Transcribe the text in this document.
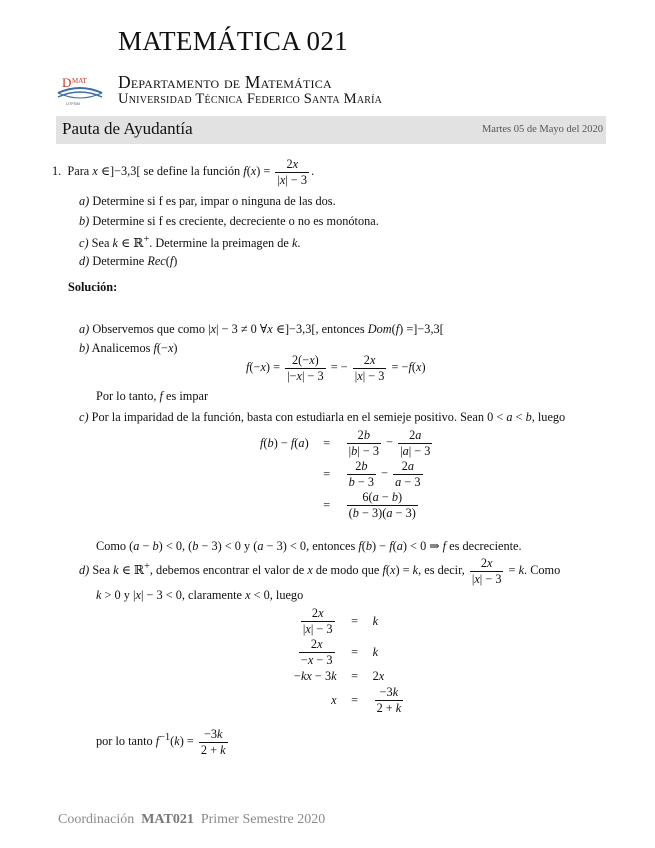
MATEMÁTICA 021
D MAT
UTFSM
Departamento de Matemática
Universidad Técnica Federico Santa María
Pauta de Ayudantía	Martes 05 de Mayo del 2020
1. Para x ∈]−3,3[ se define la función $f(x) = \frac{2x}{|x| - 3}$ .
a) Determine si f es par, impar o ninguna de las dos.
b) Determine si f es creciente, decreciente o no es monótona.
c) Sea k ∈ ℝ+. Determine la preimagen de k.
d) Determine Rec(f)
Solución:
a) Observemos que como |x| − 3 ≠ 0 ∀x ∈]−3,3[, entonces Dom(f) =]−3,3[
b) Analicemos f(−x)
$f(-x) = \frac{2(-x)}{|-x| - 3}$ = − $\frac{2x}{|x| - 3} = -f(x)$
Por lo tanto, f es impar
c) Por la imparidad de la función, basta con estudiarla en el semieje positivo. Sean 0 < a < b, luego
f(b) − f(a)	=	$\frac{2b}{|b| - 3} - \frac{2a}{|a| - 3}$

	=	$\frac{2b}{b - 3} - \frac{2a}{a - 3}$

	=	$\frac{6(a - b)}{(b - 3)(a - 3)}$
Como (a − b) < 0, (b − 3) < 0 y (a − 3) < 0, entonces f(b) − f(a) < 0 ⇒ f es decreciente.
d) Sea k ∈ ℝ+, debemos encontrar el valor de x de modo que f(x) = k, es decir, $\frac{2x}{|x| - 3} = k$. Como
k > 0 y |x| − 3 < 0, claramente x < 0, luego
$\frac{2x}{|x| - 3}$	=	k

$\frac{2x}{-x - 3}$	=	k
−kx − 3k	=	2x
x	=	$\frac{-3k}{2 + k}$
por lo tanto $f^{-1}(k) = \frac{-3k}{2 + k}$
Coordinación MAT021 Primer Semestre 2020
